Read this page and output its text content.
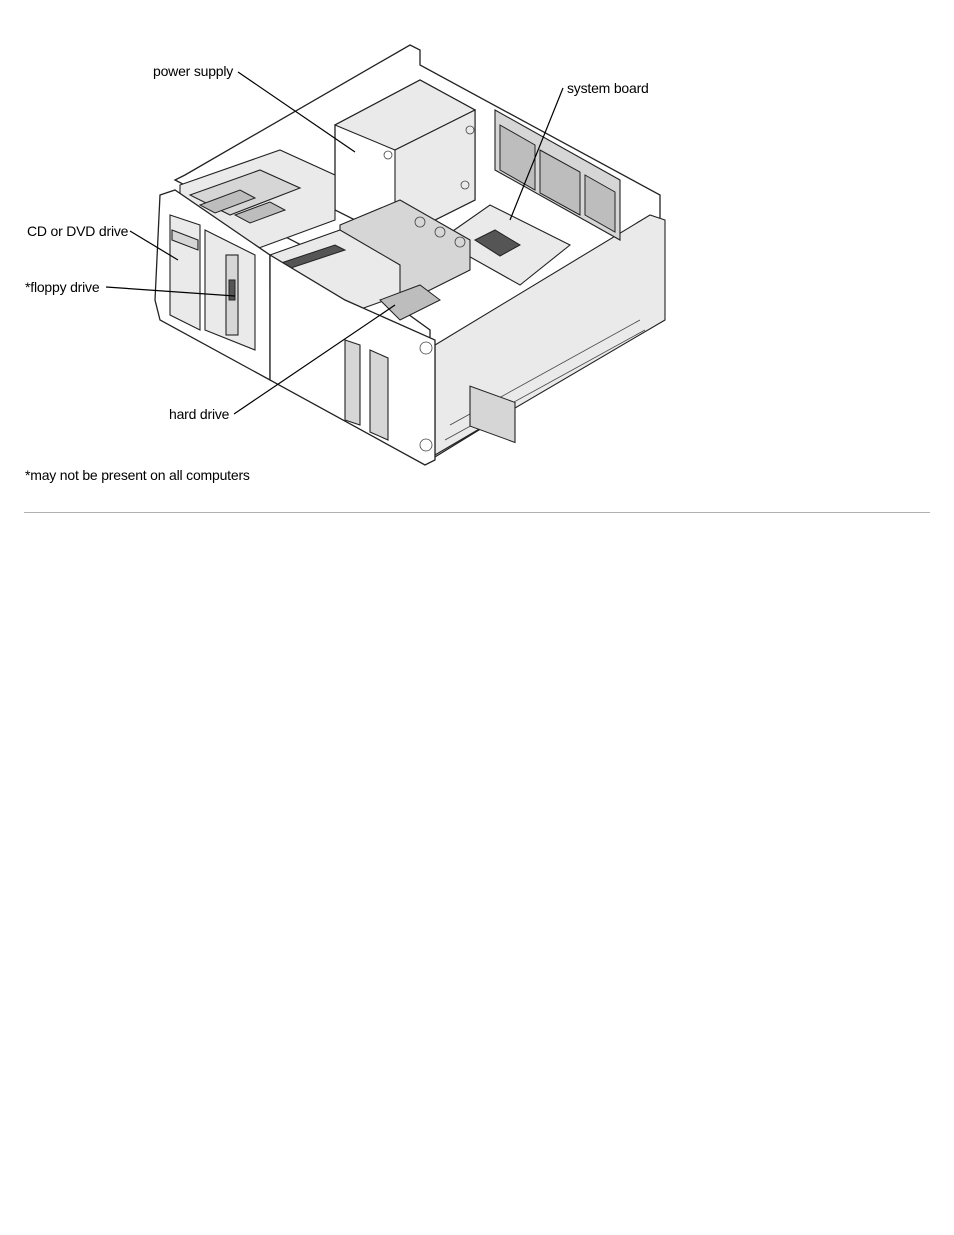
power supply
system board
CD or DVD drive
*floppy drive
hard drive
*may not be present on all computers
